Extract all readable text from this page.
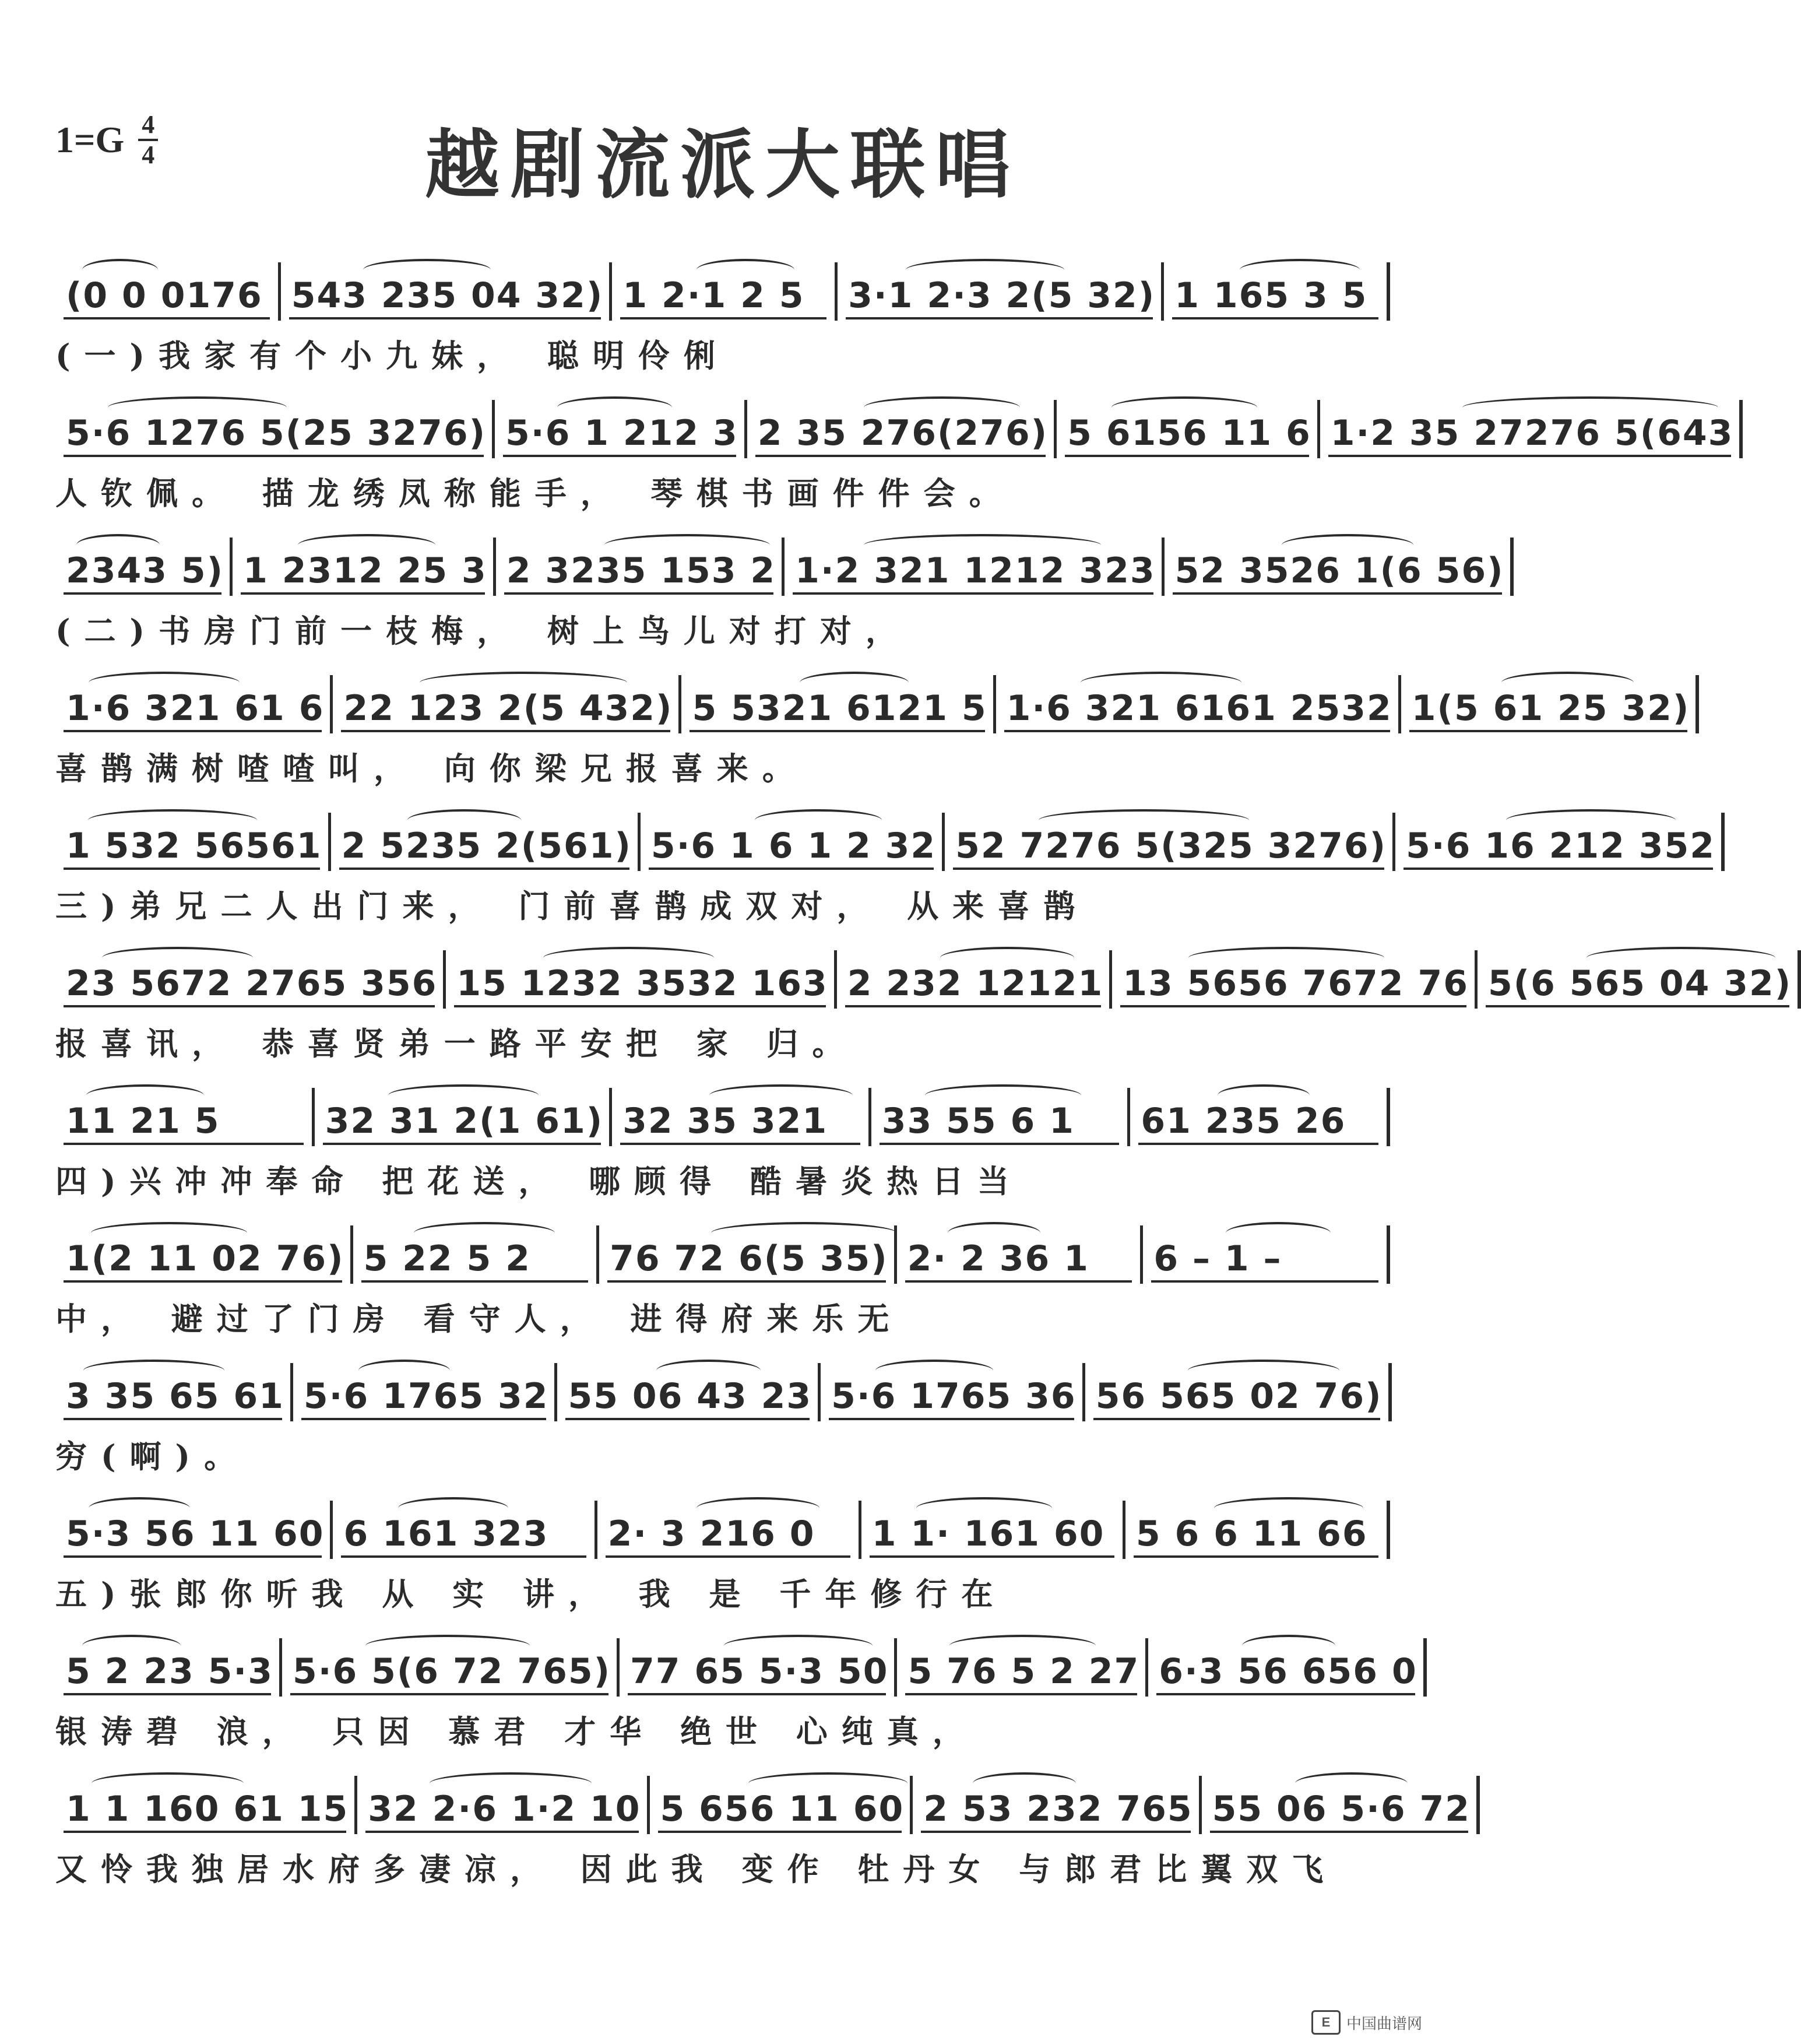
$1=G \frac{4}{4}$	越剧流派大联唱
(0 0 0176 543 235 04 32) 1 2·1 2 5 3·1 2·3 2(5 32) 1 165 3 5
(一)我家有个小九妹， 聪明伶俐
5·6 1276 5(25 3276) 5·6 1 212 3 2 35 276(276) 5 6156 11 6 1·2 35 27276 5(643
人钦佩。 描龙绣凤称能手， 琴棋书画件件会。
2343 5) 1 2312 25 3 2 3235 153 2 1·2 321 1212 323 52 3526 1(6 56)
(二)书房门前一枝梅， 树上鸟儿对打对，
1·6 321 61 6 22 123 2(5 432) 5 5321 6121 5 1·6 321 6161 2532 1(5 61 25 32)
喜鹊满树喳喳叫， 向你梁兄报喜来。
1 532 56561 2 5235 2(561) 5·6 1 6 1 2 32 52 7276 5(325 3276) 5·6 16 212 352
三)弟兄二人出门来， 门前喜鹊成双对， 从来喜鹊
23 5672 2765 356 15 1232 3532 163 2 232 12121 13 5656 7672 76 5(6 565 04 32)
报喜讯， 恭喜贤弟一路平安把 家 归。
11 21 5	32 31 2(1 61) 32 35 321 33 55 6 1 61 235 26
四)兴冲冲奉命 把花送， 哪顾得 酷暑炎热日当
1(2 11 02 76) 5 22 5 2 76 72 6(5 35) 2· 2 36 1 6 – 1 –
中， 避过了门房 看守人， 进得府来乐无
3 35 65 61 5·6 1765 32 55 06 43 23 5·6 1765 36 56 565 02 76)
穷(啊)。
5·3 56 11 60 6 161 323 2· 3 216 0 1 1· 161 60 5 6 6 11 66
五)张郎你听我 从 实 讲， 我 是 千年修行在
5 2 23 5·3 5·6 5(6 72 765) 77 65 5·3 50 5 76 5 2 27 6·3 56 656 0
银涛碧 浪， 只因 慕君 才华 绝世 心纯真，
1 1 160 61 15 32 2·6 1·2 10 5 656 11 60 2 53 232 765 55 06 5·6 72
又怜我独居水府多凄凉， 因此我 变作 牡丹女 与郎君比翼双飞
E	中国曲谱网
